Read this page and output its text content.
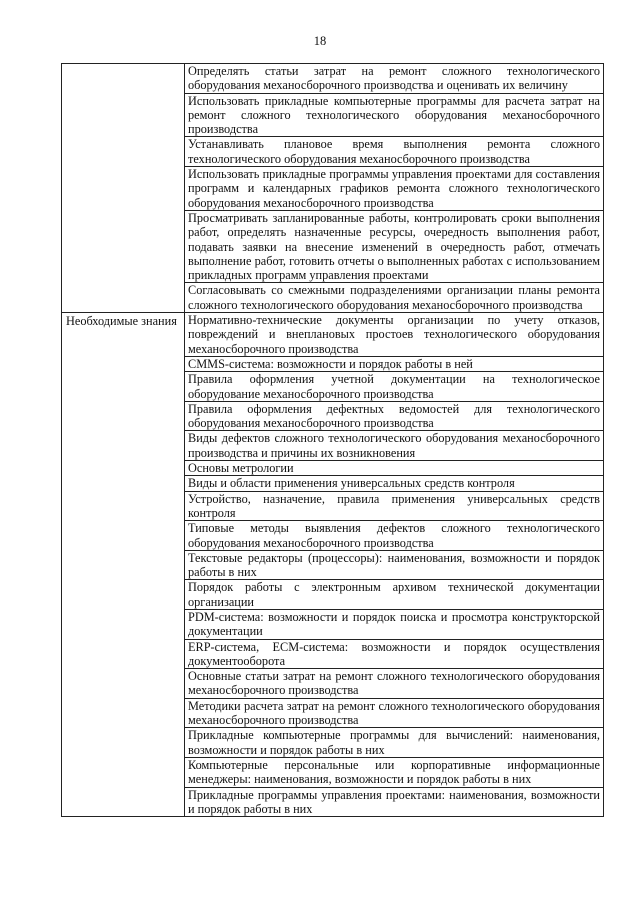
18

	Определять статьи затрат на ремонт сложного технологического оборудования механосборочного производства и оценивать их величину

	Использовать прикладные компьютерные программы для расчета затрат на ремонт сложного технологического оборудования механосборочного производства

	Устанавливать плановое время выполнения ремонта сложного технологического оборудования механосборочного производства

	Использовать прикладные программы управления проектами для составления программ и календарных графиков ремонта сложного технологического оборудования механосборочного производства

	Просматривать запланированные работы, контролировать сроки выполнения работ, определять назначенные ресурсы, очередность выполнения работ, подавать заявки на внесение изменений в очередность работ, отмечать выполнение работ, готовить отчеты о выполненных работах с использованием прикладных программ управления проектами

	Согласовывать со смежными подразделениями организации планы ремонта сложного технологического оборудования механосборочного производства

Необходимые знания	Нормативно-технические документы организации по учету отказов, повреждений и внеплановых простоев технологического оборудования механосборочного производства

	CMMS-система: возможности и порядок работы в ней

	Правила оформления учетной документации на технологическое оборудование механосборочного производства

	Правила оформления дефектных ведомостей для технологического оборудования механосборочного производства

	Виды дефектов сложного технологического оборудования механосборочного производства и причины их возникновения

	Основы метрологии

	Виды и области применения универсальных средств контроля

	Устройство, назначение, правила применения универсальных средств контроля

	Типовые методы выявления дефектов сложного технологического оборудования механосборочного производства

	Текстовые редакторы (процессоры): наименования, возможности и порядок работы в них

	Порядок работы с электронным архивом технической документации организации

	PDM-система: возможности и порядок поиска и просмотра конструкторской документации

	ERP-система, ECM-система: возможности и порядок осуществления документооборота

	Основные статьи затрат на ремонт сложного технологического оборудования механосборочного производства

	Методики расчета затрат на ремонт сложного технологического оборудования механосборочного производства

	Прикладные компьютерные программы для вычислений: наименования, возможности и порядок работы в них

	Компьютерные персональные или корпоративные информационные менеджеры: наименования, возможности и порядок работы в них

	Прикладные программы управления проектами: наименования, возможности и порядок работы в них
